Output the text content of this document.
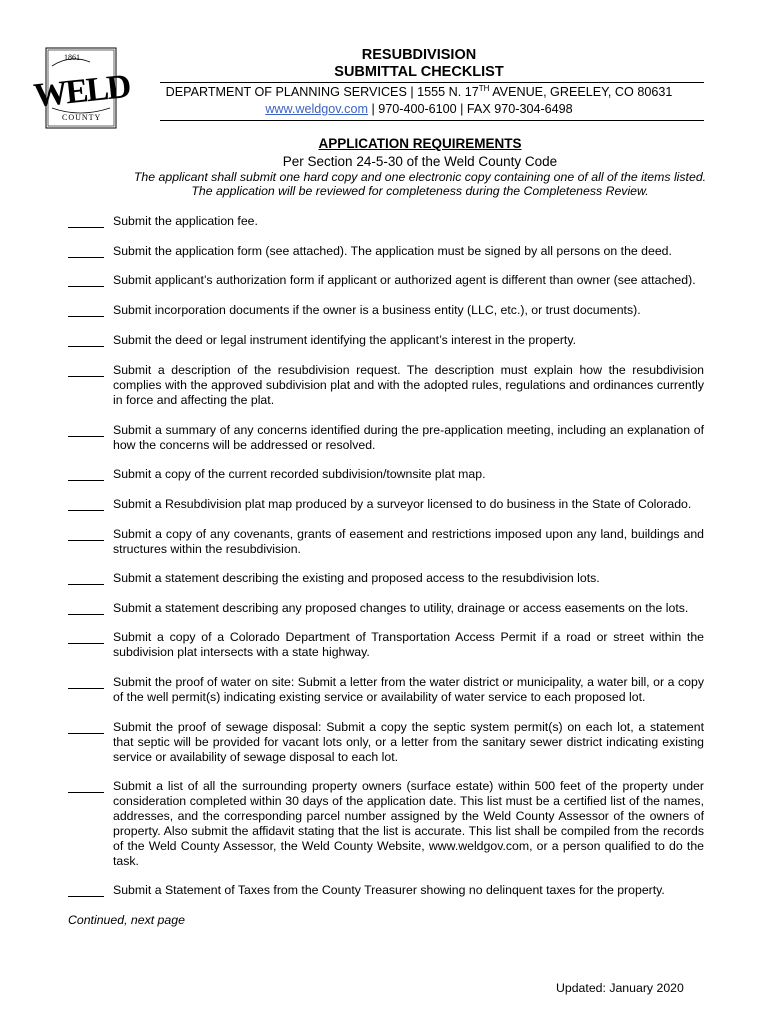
1861
WELD
COUNTY
RESUBDIVISION
SUBMITTAL CHECKLIST
DEPARTMENT OF PLANNING SERVICES | 1555 N. 17TH AVENUE, GREELEY, CO 80631
www.weldgov.com | 970-400-6100 | FAX 970-304-6498
APPLICATION REQUIREMENTS
Per Section 24-5-30 of the Weld County Code
The applicant shall submit one hard copy and one electronic copy containing one of all of the items listed.
The application will be reviewed for completeness during the Completeness Review.
Submit the application fee.
Submit the application form (see attached). The application must be signed by all persons on the deed.
Submit applicant’s authorization form if applicant or authorized agent is different than owner (see attached).
Submit incorporation documents if the owner is a business entity (LLC, etc.), or trust documents).
Submit the deed or legal instrument identifying the applicant’s interest in the property.
Submit a description of the resubdivision request. The description must explain how the resubdivision complies with the approved subdivision plat and with the adopted rules, regulations and ordinances currently in force and affecting the plat.
Submit a summary of any concerns identified during the pre-application meeting, including an explanation of how the concerns will be addressed or resolved.
Submit a copy of the current recorded subdivision/townsite plat map.
Submit a Resubdivision plat map produced by a surveyor licensed to do business in the State of Colorado.
Submit a copy of any covenants, grants of easement and restrictions imposed upon any land, buildings and structures within the resubdivision.
Submit a statement describing the existing and proposed access to the resubdivision lots.
Submit a statement describing any proposed changes to utility, drainage or access easements on the lots.
Submit a copy of a Colorado Department of Transportation Access Permit if a road or street within the subdivision plat intersects with a state highway.
Submit the proof of water on site: Submit a letter from the water district or municipality, a water bill, or a copy of the well permit(s) indicating existing service or availability of water service to each proposed lot.
Submit the proof of sewage disposal: Submit a copy the septic system permit(s) on each lot, a statement that septic will be provided for vacant lots only, or a letter from the sanitary sewer district indicating existing service or availability of sewage disposal to each lot.
Submit a list of all the surrounding property owners (surface estate) within 500 feet of the property under consideration completed within 30 days of the application date. This list must be a certified list of the names, addresses, and the corresponding parcel number assigned by the Weld County Assessor of the owners of property. Also submit the affidavit stating that the list is accurate. This list shall be compiled from the records of the Weld County Assessor, the Weld County Website, www.weldgov.com, or a person qualified to do the task.
Submit a Statement of Taxes from the County Treasurer showing no delinquent taxes for the property.
Continued, next page
Updated: January 2020
